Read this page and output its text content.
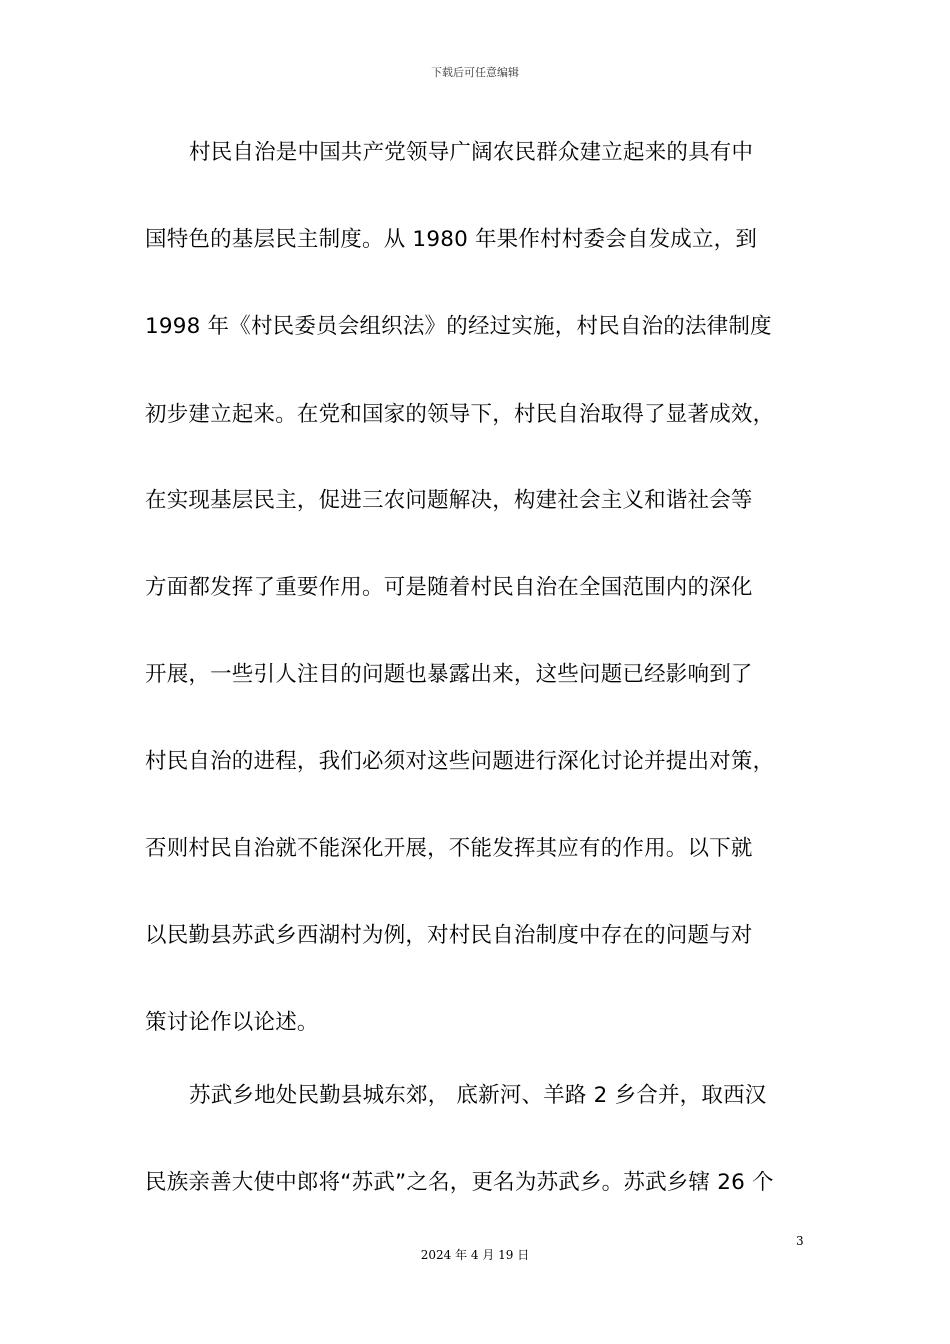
下载后可任意编辑
村民自治是中国共产党领导广阔农民群众建立起来的具有中
国特色的基层民主制度。从 1980 年果作村村委会自发成立，到
1998 年《村民委员会组织法》的经过实施，村民自治的法律制度
初步建立起来。在党和国家的领导下，村民自治取得了显著成效，
在实现基层民主，促进三农问题解决，构建社会主义和谐社会等
方面都发挥了重要作用。可是随着村民自治在全国范围内的深化
开展，一些引人注目的问题也暴露出来，这些问题已经影响到了
村民自治的进程，我们必须对这些问题进行深化讨论并提出对策，
否则村民自治就不能深化开展，不能发挥其应有的作用。以下就
以民勤县苏武乡西湖村为例，对村民自治制度中存在的问题与对
策讨论作以论述。
苏武乡地处民勤县城东郊， 底新河、羊路 2 乡合并，取西汉
民族亲善大使中郎将“苏武”之名，更名为苏武乡。苏武乡辖 26 个
3
2024 年 4 月 19 日
